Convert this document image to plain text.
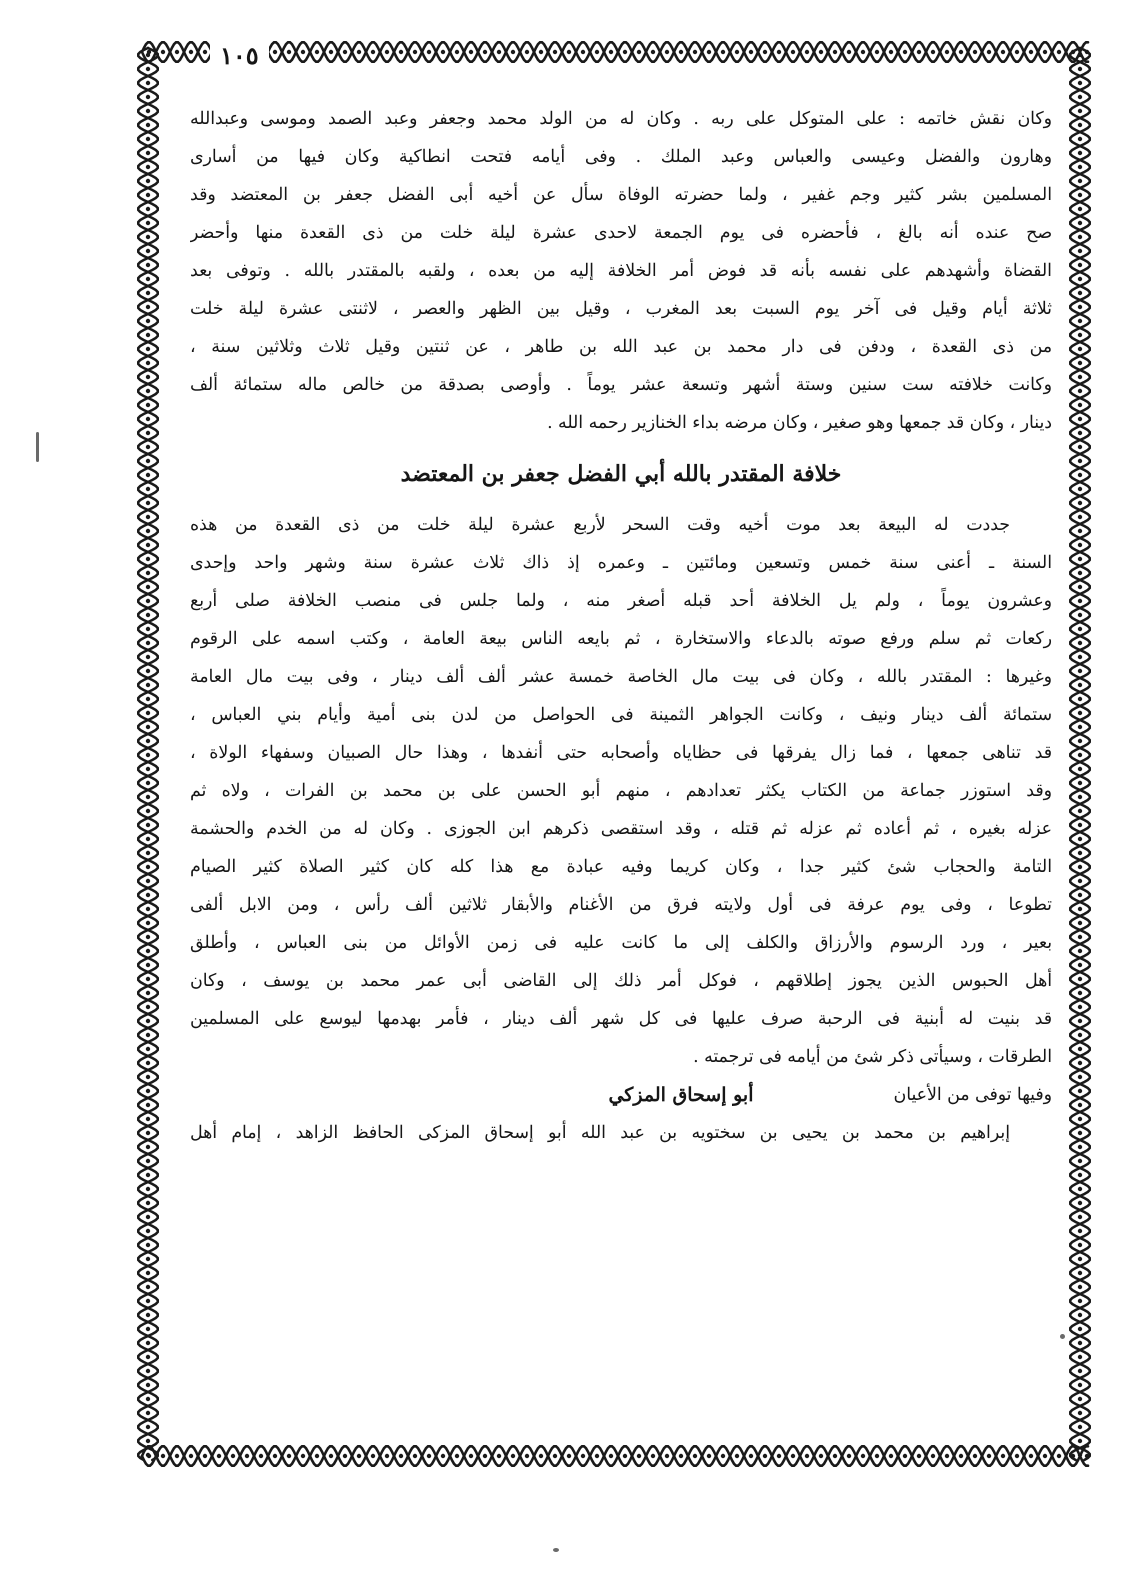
١٠٥
وكان نقش خاتمه : على المتوكل على ربه . وكان له من الولد محمد وجعفر وعبد الصمد وموسى وعبدالله
وهارون والفضل وعيسى والعباس وعبد الملك . وفى أيامه فتحت انطاكية وكان فيها من أسارى
المسلمين بشر كثير وجم غفير ، ولما حضرته الوفاة سأل عن أخيه أبى الفضل جعفر بن المعتضد وقد
صح عنده أنه بالغ ، فأحضره فى يوم الجمعة لاحدى عشرة ليلة خلت من ذى القعدة منها وأحضر
القضاة وأشهدهم على نفسه بأنه قد فوض أمر الخلافة إليه من بعده ، ولقبه بالمقتدر بالله . وتوفى بعد
ثلاثة أيام وقيل فى آخر يوم السبت بعد المغرب ، وقيل بين الظهر والعصر ، لاثنتى عشرة ليلة خلت
من ذى القعدة ، ودفن فى دار محمد بن عبد الله بن طاهر ، عن ثنتين وقيل ثلاث وثلاثين سنة ،
وكانت خلافته ست سنين وستة أشهر وتسعة عشر يوماً . وأوصى بصدقة من خالص ماله ستمائة ألف
دينار ، وكان قد جمعها وهو صغير ، وكان مرضه بداء الخنازير رحمه الله .
خلافة المقتدر بالله أبي الفضل جعفر بن المعتضد
جددت له البيعة بعد موت أخيه وقت السحر لأربع عشرة ليلة خلت من ذى القعدة من هذه
السنة ـ أعنى سنة خمس وتسعين ومائتين ـ وعمره إذ ذاك ثلاث عشرة سنة وشهر واحد وإحدى
وعشرون يوماً ، ولم يل الخلافة أحد قبله أصغر منه ، ولما جلس فى منصب الخلافة صلى أربع
ركعات ثم سلم ورفع صوته بالدعاء والاستخارة ، ثم بايعه الناس بيعة العامة ، وكتب اسمه على الرقوم
وغيرها : المقتدر بالله ، وكان فى بيت مال الخاصة خمسة عشر ألف ألف دينار ، وفى بيت مال العامة
ستمائة ألف دينار ونيف ، وكانت الجواهر الثمينة فى الحواصل من لدن بنى أمية وأيام بني العباس ،
قد تناهى جمعها ، فما زال يفرقها فى حظاياه وأصحابه حتى أنفدها ، وهذا حال الصبيان وسفهاء الولاة ،
وقد استوزر جماعة من الكتاب يكثر تعدادهم ، منهم أبو الحسن على بن محمد بن الفرات ، ولاه ثم
عزله بغيره ، ثم أعاده ثم عزله ثم قتله ، وقد استقصى ذكرهم ابن الجوزى . وكان له من الخدم والحشمة
التامة والحجاب شئ كثير جدا ، وكان كريما وفيه عبادة مع هذا كله كان كثير الصلاة كثير الصيام
تطوعا ، وفى يوم عرفة فى أول ولايته فرق من الأغنام والأبقار ثلاثين ألف رأس ، ومن الابل ألفى
بعير ، ورد الرسوم والأرزاق والكلف إلى ما كانت عليه فى زمن الأوائل من بنى العباس ، وأطلق
أهل الحبوس الذين يجوز إطلاقهم ، فوكل أمر ذلك إلى القاضى أبى عمر محمد بن يوسف ، وكان
قد بنيت له أبنية فى الرحبة صرف عليها فى كل شهر ألف دينار ، فأمر بهدمها ليوسع على المسلمين
الطرقات ، وسيأتى ذكر شئ من أيامه فى ترجمته .
وفيها توفى من الأعيان
أبو إسحاق المزكي
إبراهيم بن محمد بن يحيى بن سختويه بن عبد الله أبو إسحاق المزكى الحافظ الزاهد ، إمام أهل
